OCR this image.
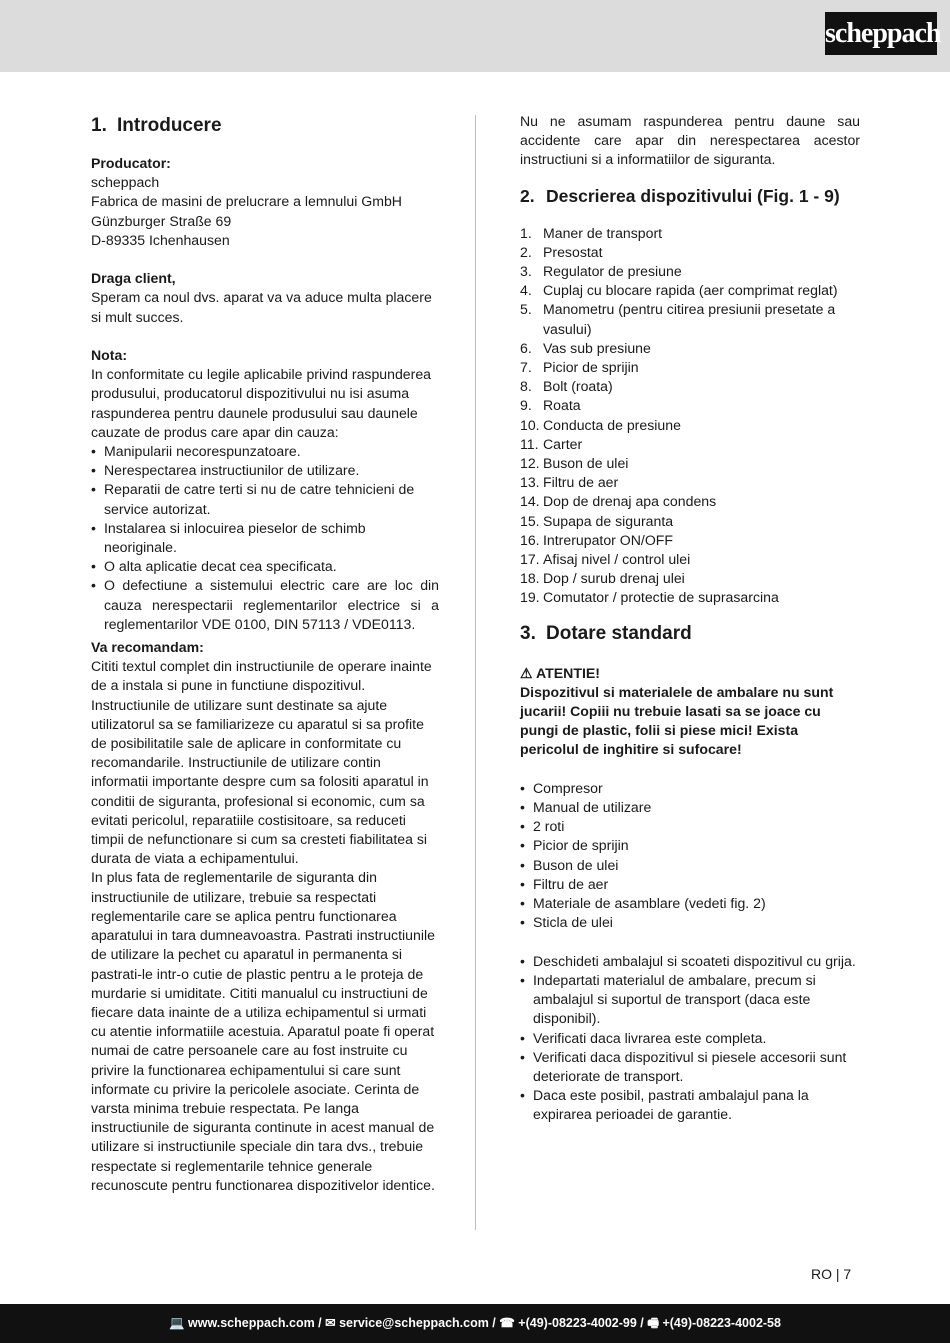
scheppach
1. Introducere
Producator:
scheppach
Fabrica de masini de prelucrare a lemnului GmbH
Günzburger Straße 69
D-89335 Ichenhausen
Draga client,
Speram ca noul dvs. aparat va va aduce multa placere si mult succes.
Nota:
In conformitate cu legile aplicabile privind raspunderea produsului, producatorul dispozitivului nu isi asuma raspunderea pentru daunele produsului sau daunele cauzate de produs care apar din cauza:
• Manipularii necorespunzatoare.
• Nerespectarea instructiunilor de utilizare.
• Reparatii de catre terti si nu de catre tehnicieni de service autorizat.
• Instalarea si inlocuirea pieselor de schimb neoriginale.
• O alta aplicatie decat cea specificata.
• O defectiune a sistemului electric care are loc din cauza nerespectarii reglementarilor electrice si a reglementarilor VDE 0100, DIN 57113 / VDE0113.
Va recomandam:
Cititi textul complet din instructiunile de operare inainte de a instala si pune in functiune dispozitivul. Instructiunile de utilizare sunt destinate sa ajute utilizatorul sa se familiarizeze cu aparatul si sa profite de posibilitatile sale de aplicare in conformitate cu recomandarile. Instructiunile de utilizare contin informatii importante despre cum sa folositi aparatul in conditii de siguranta, profesional si economic, cum sa evitati pericolul, reparatiile costisitoare, sa reduceti timpii de nefunctionare si cum sa cresteti fiabilitatea si durata de viata a echipamentului.
In plus fata de reglementarile de siguranta din instructiunile de utilizare, trebuie sa respectati reglementarile care se aplica pentru functionarea aparatului in tara dumneavoastra. Pastrati instructiunile de utilizare la pechet cu aparatul in permanenta si pastrati-le intr-o cutie de plastic pentru a le proteja de murdarie si umiditate. Cititi manualul cu instructiuni de fiecare data inainte de a utiliza echipamentul si urmati cu atentie informatiile acestuia. Aparatul poate fi operat numai de catre persoanele care au fost instruite cu privire la functionarea echipamentului si care sunt informate cu privire la pericolele asociate. Cerinta de varsta minima trebuie respectata. Pe langa instructiunile de siguranta continute in acest manual de utilizare si instructiunile speciale din tara dvs., trebuie respectate si reglementarile tehnice generale recunoscute pentru functionarea dispozitivelor identice.
Nu ne asumam raspunderea pentru daune sau accidente care apar din nerespectarea acestor instructiuni si a informatiilor de siguranta.
2. Descrierea dispozitivului (Fig. 1 - 9)
1. Maner de transport
2. Presostat
3. Regulator de presiune
4. Cuplaj cu blocare rapida (aer comprimat reglat)
5. Manometru (pentru citirea presiunii presetate a vasului)
6. Vas sub presiune
7. Picior de sprijin
8. Bolt (roata)
9. Roata
10. Conducta de presiune
11. Carter
12. Buson de ulei
13. Filtru de aer
14. Dop de drenaj apa condens
15. Supapa de siguranta
16. Intrerupator ON/OFF
17. Afisaj nivel / control ulei
18. Dop / surub drenaj ulei
19. Comutator / protectie de suprasarcina
3. Dotare standard
⚠ ATENTIE!
Dispozitivul si materialele de ambalare nu sunt jucarii! Copiii nu trebuie lasati sa se joace cu pungi de plastic, folii si piese mici! Exista pericolul de inghitire si sufocare!
• Compresor
• Manual de utilizare
• 2 roti
• Picior de sprijin
• Buson de ulei
• Filtru de aer
• Materiale de asamblare (vedeti fig. 2)
• Sticla de ulei
• Deschideti ambalajul si scoateti dispozitivul cu grija.
• Indepartati materialul de ambalare, precum si ambalajul si suportul de transport (daca este disponibil).
• Verificati daca livrarea este completa.
• Verificati daca dispozitivul si piesele accesorii sunt deteriorate de transport.
• Daca este posibil, pastrati ambalajul pana la expirarea perioadei de garantie.
RO | 7
💻 www.scheppach.com / ✉ service@scheppach.com / ☎ +(49)-08223-4002-99 / 🖷 +(49)-08223-4002-58
